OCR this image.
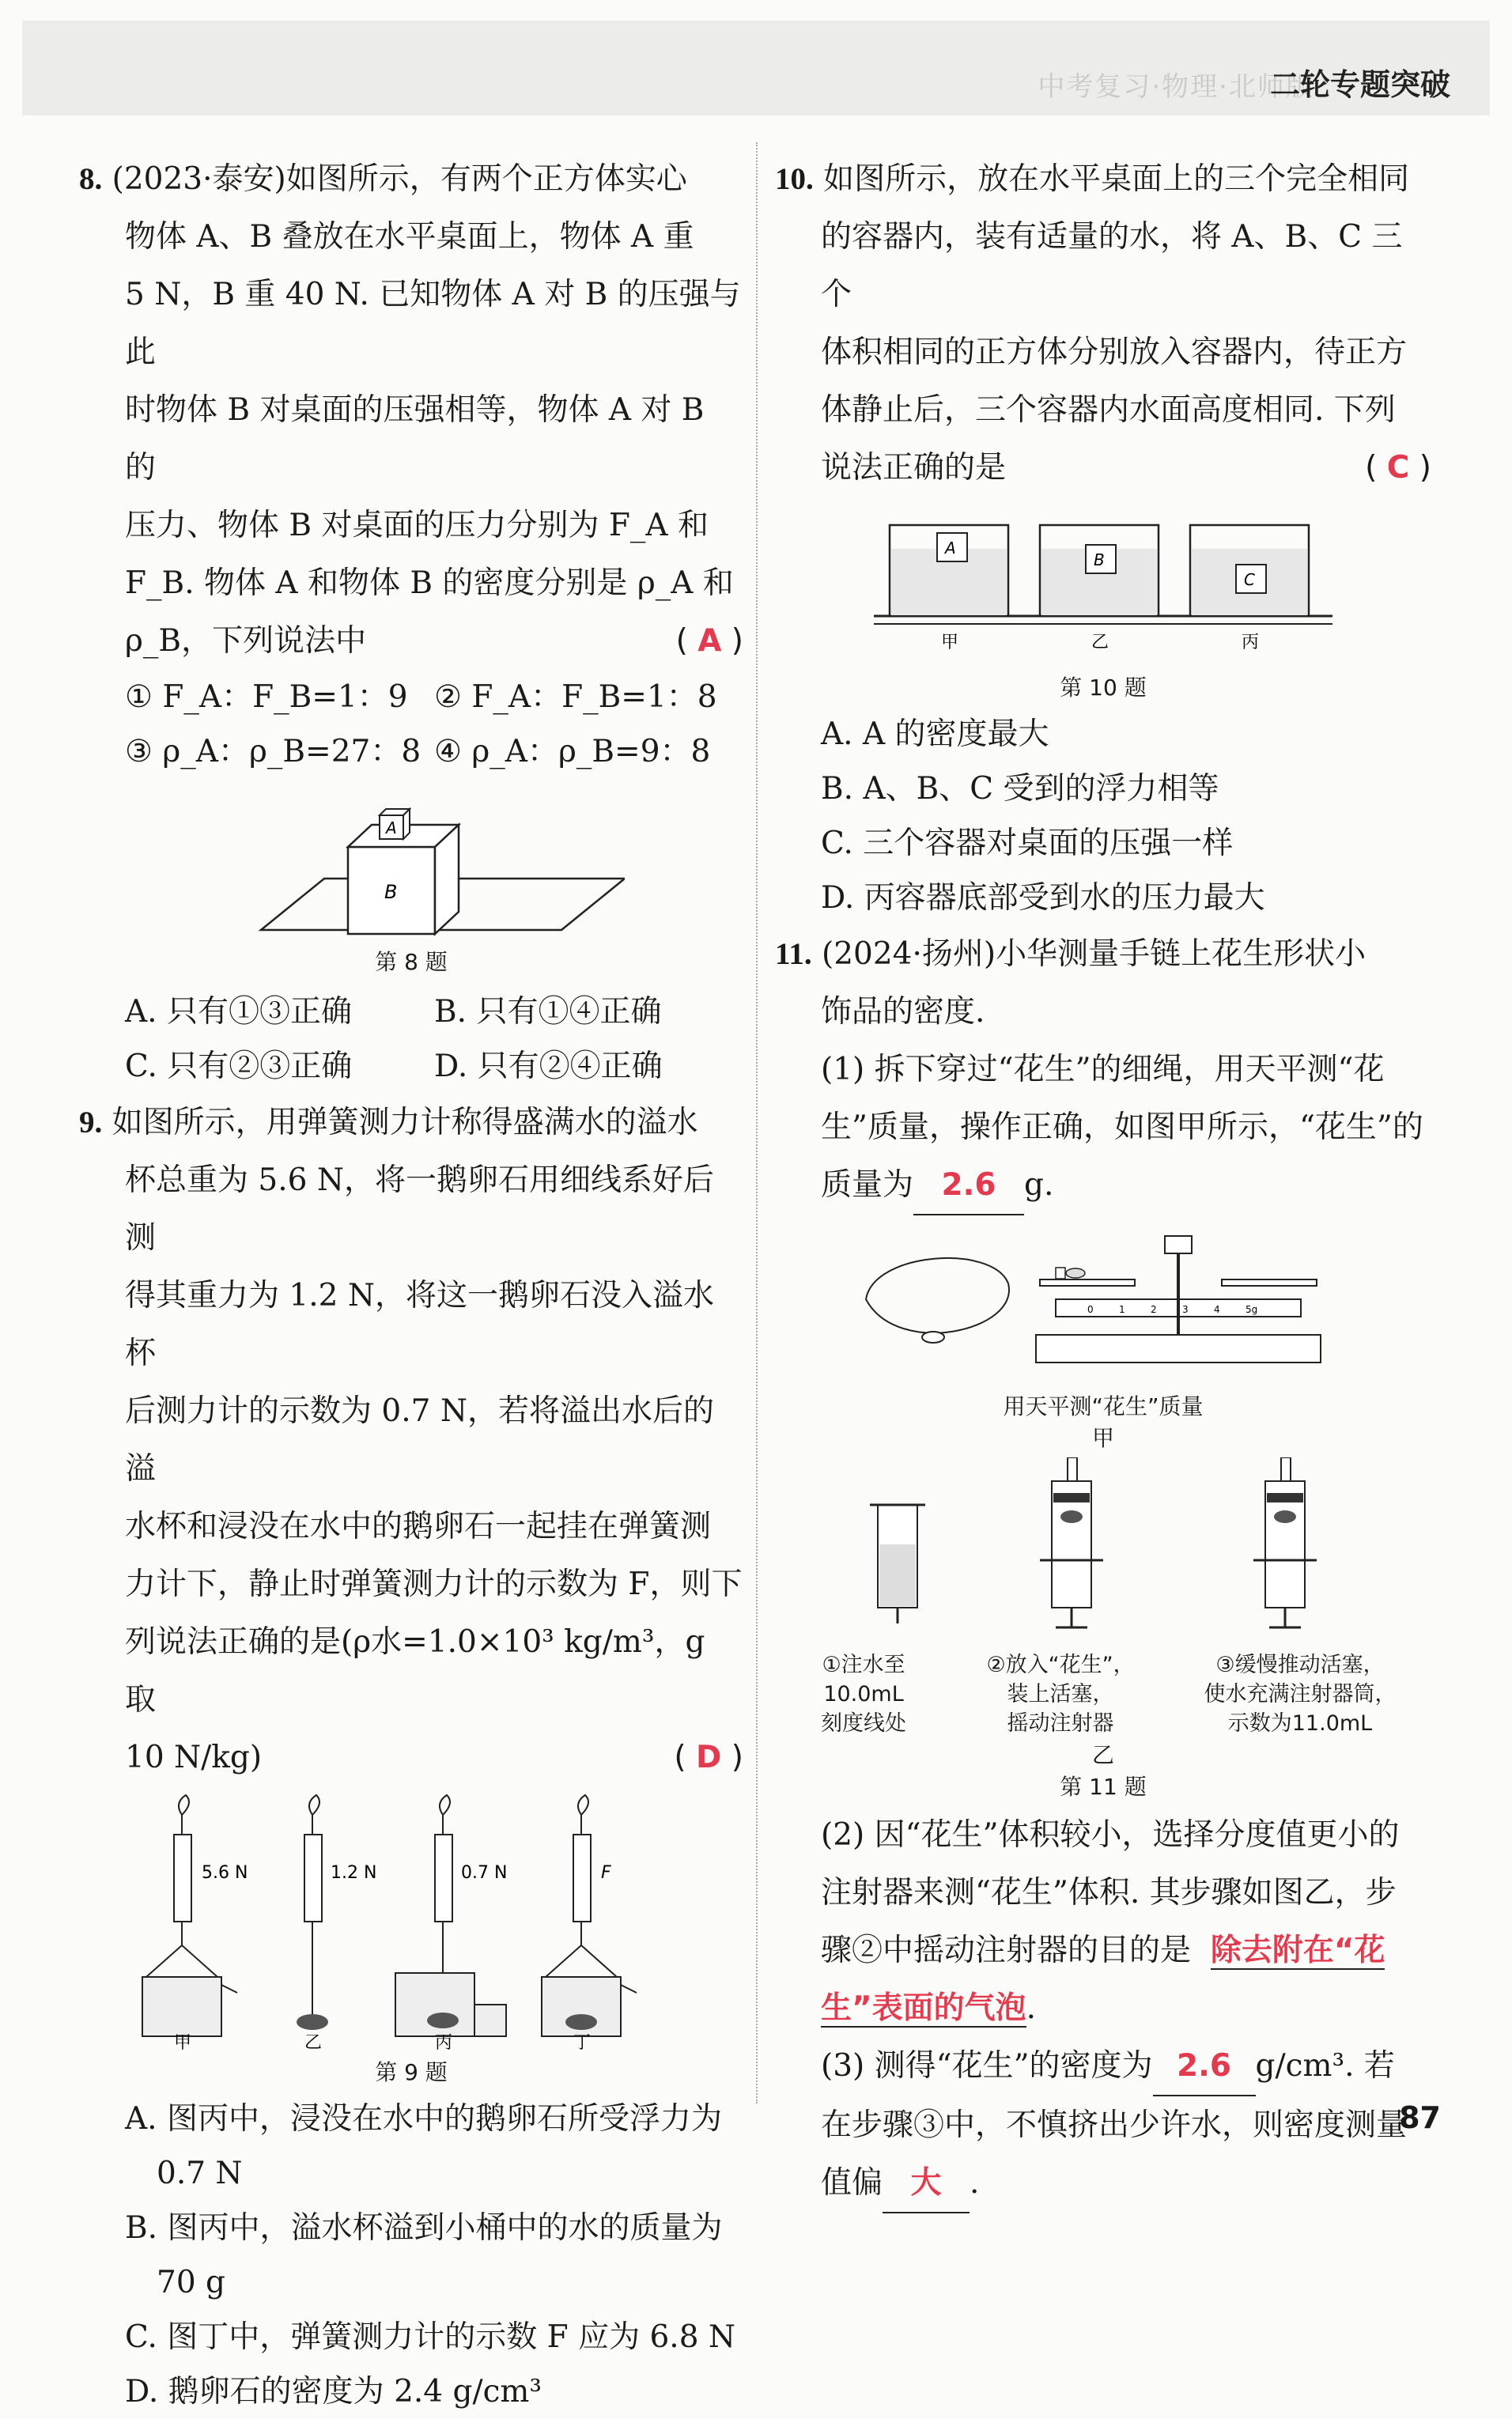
中考复习·物理·北师版
二轮专题突破

8. (2023·泰安)如图所示，有两个正方体实心

物体 A、B 叠放在水平桌面上，物体 A 重

5 N，B 重 40 N. 已知物体 A 对 B 的压强与此

时物体 B 对桌面的压强相等，物体 A 对 B 的

压力、物体 B 对桌面的压力分别为 F_A 和

F_B. 物体 A 和物体 B 的密度分别是 ρ_A 和

ρ_B，下列说法中	( A )

① F_A：F_B=1：9 ② F_A：F_B=1：8
③ ρ_A：ρ_B=27：8 ④ ρ_A：ρ_B=9：8
A
B
第 8 题
A. 只有①③正确	B. 只有①④正确
C. 只有②③正确	D. 只有②④正确

9. 如图所示，用弹簧测力计称得盛满水的溢水

杯总重为 5.6 N，将一鹅卵石用细线系好后测

得其重力为 1.2 N，将这一鹅卵石没入溢水杯

后测力计的示数为 0.7 N，若将溢出水后的溢

水杯和浸没在水中的鹅卵石一起挂在弹簧测

力计下，静止时弹簧测力计的示数为 F，则下

列说法正确的是(ρ水=1.0×10³ kg/m³，g 取

10 N/kg)	( D )

5.6 N
甲
1.2 N
乙
0.7 N
丙
F
丁
第 9 题

A. 图丙中，浸没在水中的鹅卵石所受浮力为

0.7 N

B. 图丙中，溢水杯溢到小桶中的水的质量为

70 g

C. 图丁中，弹簧测力计的示数 F 应为 6.8 N

D. 鹅卵石的密度为 2.4 g/cm³

10. 如图所示，放在水平桌面上的三个完全相同

的容器内，装有适量的水，将 A、B、C 三个

体积相同的正方体分别放入容器内，待正方

体静止后，三个容器内水面高度相同. 下列

说法正确的是	( C )

A
甲
B
乙
C
丙
第 10 题

A. A 的密度最大

B. A、B、C 受到的浮力相等

C. 三个容器对桌面的压强一样

D. 丙容器底部受到水的压力最大

11. (2024·扬州)小华测量手链上花生形状小

饰品的密度.

(1) 拆下穿过“花生”的细绳，用天平测“花

生”质量，操作正确，如图甲所示，“花生”的

质量为 2.6 g.

0	1	2	3	4	5g
用天平测“花生”质量
甲
①注水至
10.0mL
刻度线处
②放入“花生”，
装上活塞，
摇动注射器
③缓慢推动活塞，
使水充满注射器筒，
示数为11.0mL
乙
第 11 题

(2) 因“花生”体积较小，选择分度值更小的

注射器来测“花生”体积. 其步骤如图乙，步

骤②中摇动注射器的目的是 除去附在“花

生”表面的气泡.

(3) 测得“花生”的密度为 2.6 g/cm³. 若

在步骤③中，不慎挤出少许水，则密度测量

值偏 大 .

87
